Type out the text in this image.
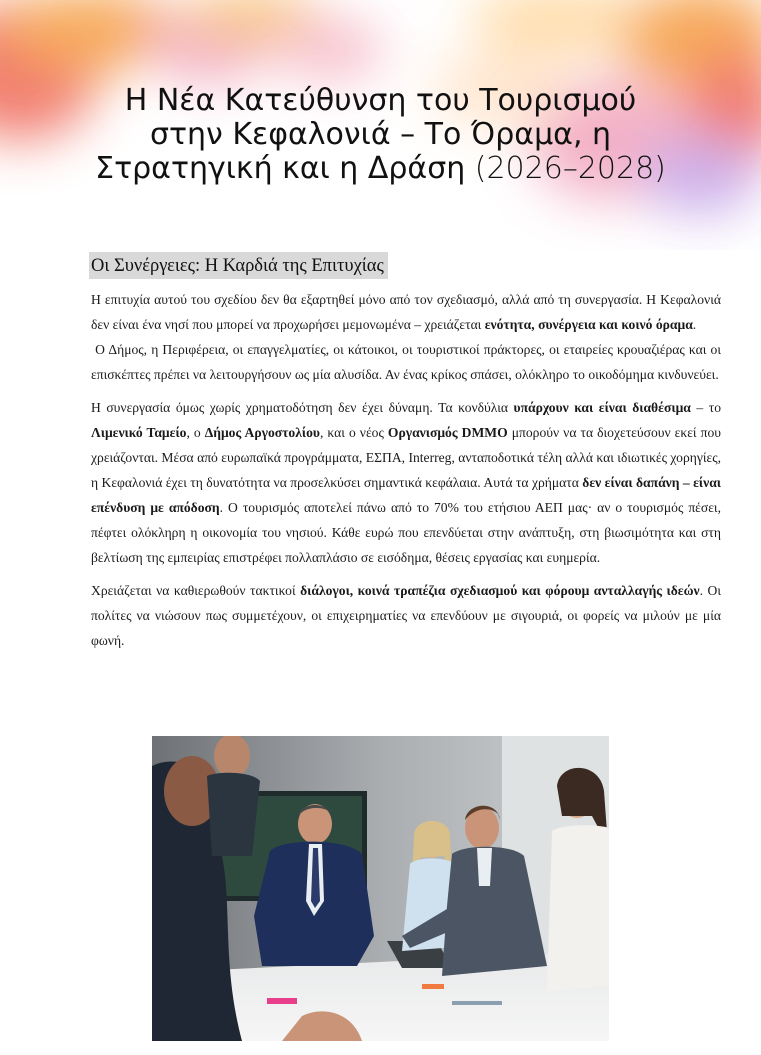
Η Νέα Κατεύθυνση του Τουρισμού
στην Κεφαλονιά – Το Όραμα, η
Στρατηγική και η Δράση (2026–2028)
Οι Συνέργειες: Η Καρδιά της Επιτυχίας

Η επιτυχία αυτού του σχεδίου δεν θα εξαρτηθεί μόνο από τον σχεδιασμό, αλλά από τη συνεργασία. Η Κεφαλονιά δεν είναι ένα νησί που μπορεί να προχωρήσει μεμονωμένα – χρειάζεται ενότητα, συνέργεια και κοινό όραμα.

Ο Δήμος, η Περιφέρεια, οι επαγγελματίες, οι κάτοικοι, οι τουριστικοί πράκτορες, οι εταιρείες κρουαζιέρας και οι επισκέπτες πρέπει να λειτουργήσουν ως μία αλυσίδα. Αν ένας κρίκος σπάσει, ολόκληρο το οικοδόμημα κινδυνεύει.

Η συνεργασία όμως χωρίς χρηματοδότηση δεν έχει δύναμη. Τα κονδύλια υπάρχουν και είναι διαθέσιμα – το Λιμενικό Ταμείο, ο Δήμος Αργοστολίου, και ο νέος Οργανισμός DMMO μπορούν να τα διοχετεύσουν εκεί που χρειάζονται. Μέσα από ευρωπαϊκά προγράμματα, ΕΣΠΑ, Interreg, ανταποδοτικά τέλη αλλά και ιδιωτικές χορηγίες, η Κεφαλονιά έχει τη δυνατότητα να προσελκύσει σημαντικά κεφάλαια. Αυτά τα χρήματα δεν είναι δαπάνη – είναι επένδυση με απόδοση. Ο τουρισμός αποτελεί πάνω από το 70% του ετήσιου ΑΕΠ μας· αν ο τουρισμός πέσει, πέφτει ολόκληρη η οικονομία του νησιού. Κάθε ευρώ που επενδύεται στην ανάπτυξη, στη βιωσιμότητα και στη βελτίωση της εμπειρίας επιστρέφει πολλαπλάσιο σε εισόδημα, θέσεις εργασίας και ευημερία.

Χρειάζεται να καθιερωθούν τακτικοί διάλογοι, κοινά τραπέζια σχεδιασμού και φόρουμ ανταλλαγής ιδεών. Οι πολίτες να νιώσουν πως συμμετέχουν, οι επιχειρηματίες να επενδύουν με σιγουριά, οι φορείς να μιλούν με μία φωνή.
